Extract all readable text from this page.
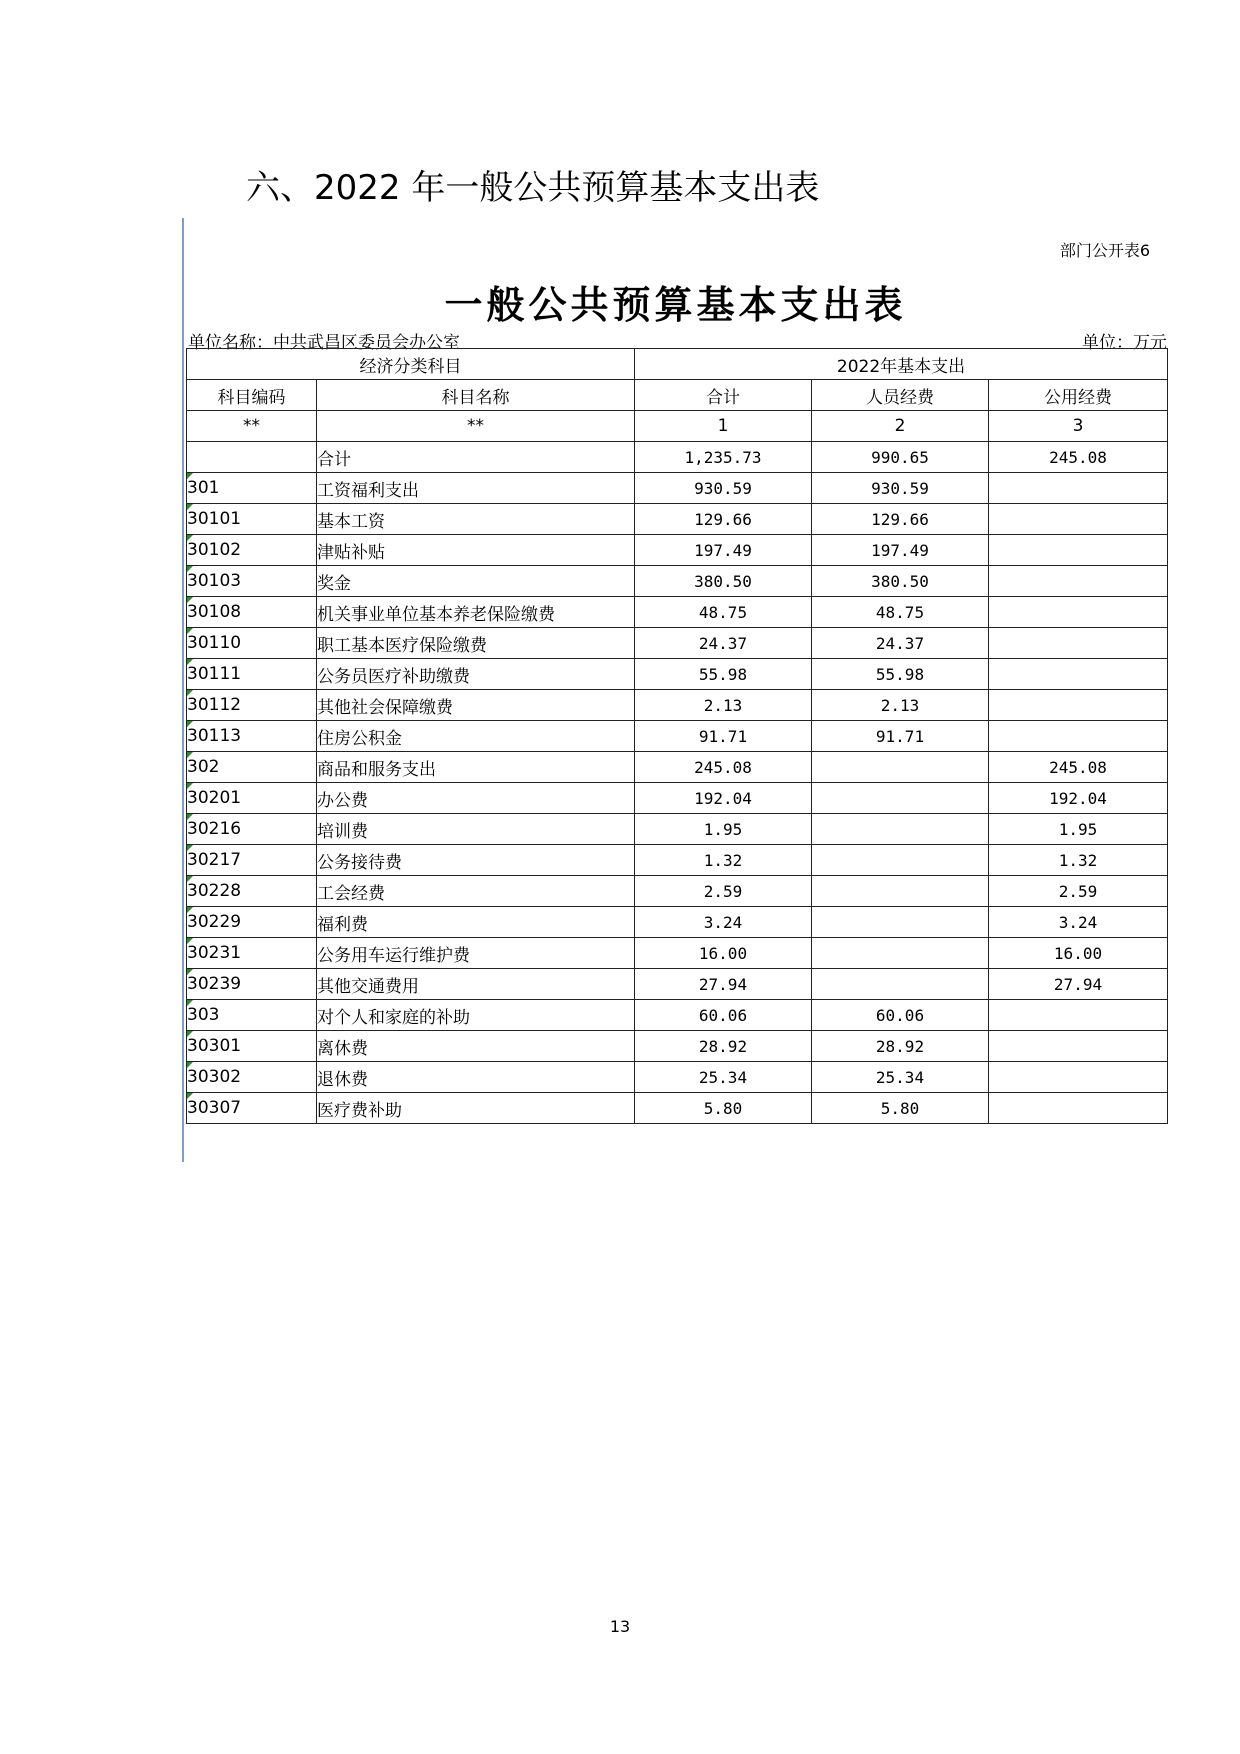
六、2022 年一般公共预算基本支出表
部门公开表6
一般公共预算基本支出表
单位名称：中共武昌区委员会办公室	单位：万元
经济分类科目		2022年基本支出		
科目编码	科目名称	合计	人员经费	公用经费
**	**	1	2	3
	合计	1,235.73	990.65	245.08

301	工资福利支出	930.59	930.59	

30101	基本工资	129.66	129.66	

30102	津贴补贴	197.49	197.49	

30103	奖金	380.50	380.50	

30108	机关事业单位基本养老保险缴费	48.75	48.75	

30110	职工基本医疗保险缴费	24.37	24.37	

30111	公务员医疗补助缴费	55.98	55.98	

30112	其他社会保障缴费	2.13	2.13	

30113	住房公积金	91.71	91.71	

302	商品和服务支出	245.08		245.08

30201	办公费	192.04		192.04

30216	培训费	1.95		1.95

30217	公务接待费	1.32		1.32

30228	工会经费	2.59		2.59

30229	福利费	3.24		3.24

30231	公务用车运行维护费	16.00		16.00

30239	其他交通费用	27.94		27.94

303	对个人和家庭的补助	60.06	60.06	

30301	离休费	28.92	28.92	

30302	退休费	25.34	25.34	

30307	医疗费补助	5.80	5.80	
13
